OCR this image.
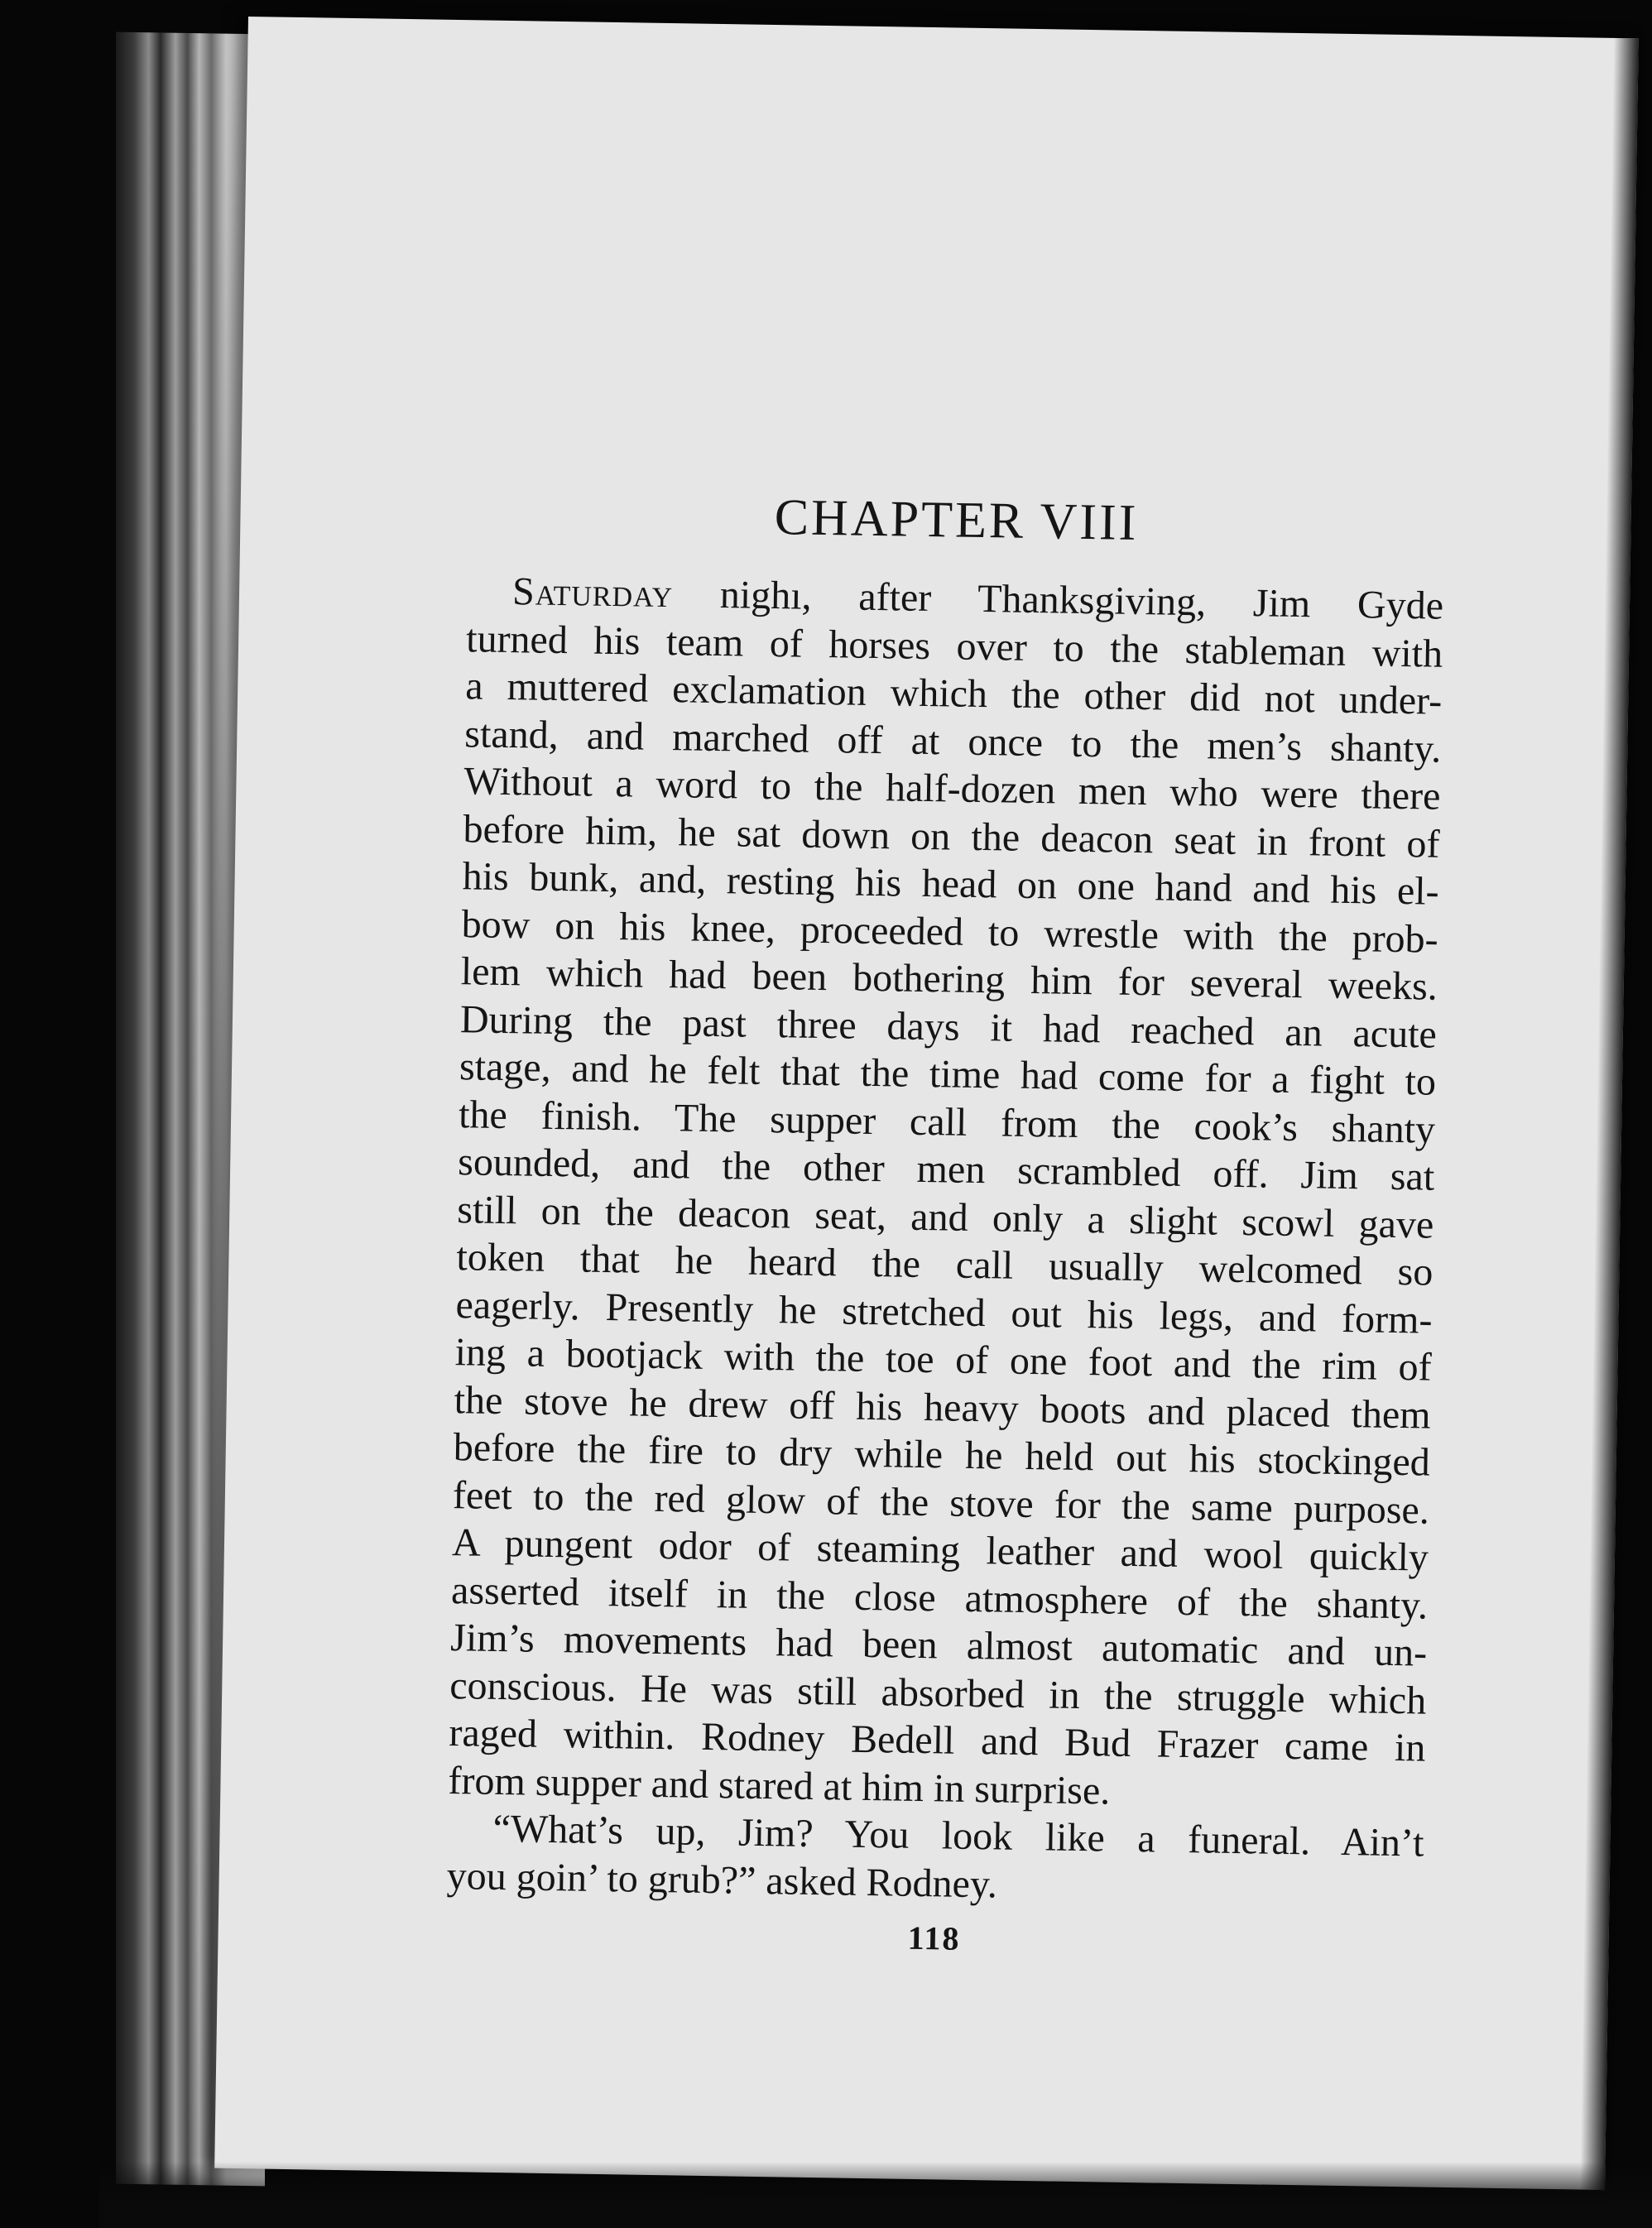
CHAPTER VIII
Saturday nighı, after Thanksgiving, Jim Gyde
turned his team of horses over to the stableman with
a muttered exclamation which the other did not under-
stand, and marched off at once to the men’s shanty.
Without a word to the half-dozen men who were there
before him, he sat down on the deacon seat in front of
his bunk, and, resting his head on one hand and his el-
bow on his knee, proceeded to wrestle with the prob-
lem which had been bothering him for several weeks.
During the past three days it had reached an acute
stage, and he felt that the time had come for a fight to
the finish. The supper call from the cook’s shanty
sounded, and the other men scrambled off. Jim sat
still on the deacon seat, and only a slight scowl gave
token that he heard the call usually welcomed so
eagerly. Presently he stretched out his legs, and form-
ing a bootjack with the toe of one foot and the rim of
the stove he drew off his heavy boots and placed them
before the fire to dry while he held out his stockinged
feet to the red glow of the stove for the same purpose.
A pungent odor of steaming leather and wool quickly
asserted itself in the close atmosphere of the shanty.
Jim’s movements had been almost automatic and un-
conscious. He was still absorbed in the struggle which
raged within. Rodney Bedell and Bud Frazer came in
from supper and stared at him in surprise.
“What’s up, Jim? You look like a funeral. Ain’t
you goin’ to grub?” asked Rodney.
118
